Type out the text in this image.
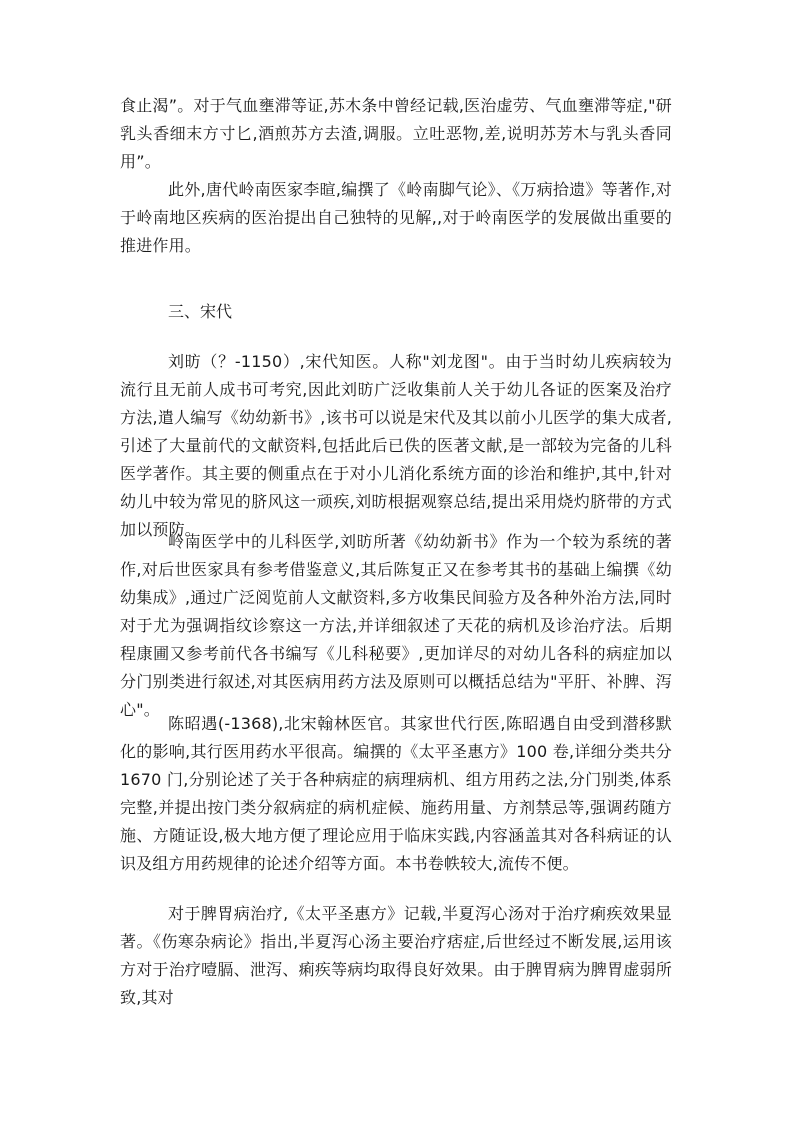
食止渴”。对于气血壅滞等证,苏木条中曾经记载,医治虚劳、气血壅滞等症,"研乳头香细末方寸匕,酒煎苏方去渣,调服。立吐恶物,差,说明苏芳木与乳头香同用”。

此外,唐代岭南医家李暄,编撰了《岭南脚气论》、《万病拾遗》等著作,对于岭南地区疾病的医治提出自己独特的见解,,对于岭南医学的发展做出重要的推进作用。

三、宋代

刘昉（？-1150）,宋代知医。人称"刘龙图"。由于当时幼儿疾病较为流行且无前人成书可考究,因此刘昉广泛收集前人关于幼儿各证的医案及治疗方法,遣人编写《幼幼新书》,该书可以说是宋代及其以前小儿医学的集大成者,引述了大量前代的文献资料,包括此后已佚的医著文献,是一部较为完备的儿科医学著作。其主要的侧重点在于对小儿消化系统方面的诊治和维护,其中,针对幼儿中较为常见的脐风这一顽疾,刘昉根据观察总结,提出采用烧灼脐带的方式加以预防。

岭南医学中的儿科医学,刘昉所著《幼幼新书》作为一个较为系统的著作,对后世医家具有参考借鉴意义,其后陈复正又在参考其书的基础上编撰《幼幼集成》,通过广泛阅览前人文献资料,多方收集民间验方及各种外治方法,同时对于尤为强调指纹诊察这一方法,并详细叙述了天花的病机及诊治疗法。后期程康圃又参考前代各书编写《儿科秘要》,更加详尽的对幼儿各科的病症加以分门别类进行叙述,对其医病用药方法及原则可以概括总结为"平肝、补脾、泻心"。

陈昭遇(-1368),北宋翰林医官。其家世代行医,陈昭遇自由受到潜移默化的影响,其行医用药水平很高。编撰的《太平圣惠方》100 卷,详细分类共分 1670 门,分别论述了关于各种病症的病理病机、组方用药之法,分门别类,体系完整,并提出按门类分叙病症的病机症候、施药用量、方剂禁忌等,强调药随方施、方随证设,极大地方便了理论应用于临床实践,内容涵盖其对各科病证的认识及组方用药规律的论述介绍等方面。本书卷帙较大,流传不便。

对于脾胃病治疗,《太平圣惠方》记载,半夏泻心汤对于治疗痢疾效果显著。《伤寒杂病论》指出,半夏泻心汤主要治疗痞症,后世经过不断发展,运用该方对于治疗噎膈、泄泻、痢疾等病均取得良好效果。由于脾胃病为脾胃虚弱所致,其对
